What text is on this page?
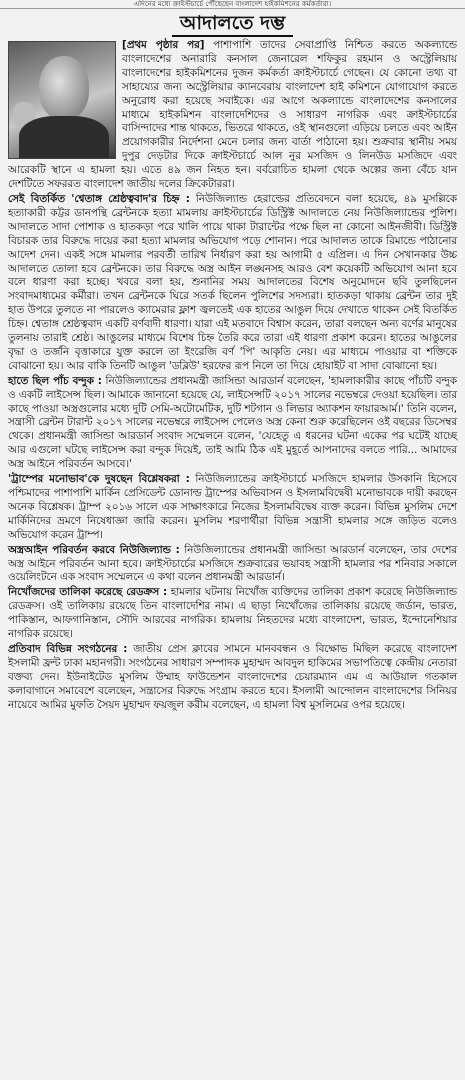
এদিনের মধ্যে ক্রাইস্টচার্চে পৌঁছেছেন বাংলাদেশ হাইকমিশনের কর্মকর্তারা।
আদালতে দম্ভ

[প্রথম পৃষ্ঠার পর] পাশাপাশি তাদের সেবাপ্রাপ্তি নিশ্চিত করতে অকল্যান্ডে বাংলাদেশের অনারারি কনসাল জেনারেল শফিকুর রহমান ও অস্ট্রেলিয়ায় বাংলাদেশের হাইকমিশনের দুজন কর্মকর্তা ক্রাইস্টচার্চে গেছেন। যে কোনো তথ্য বা সাহায্যের জন্য অস্ট্রেলিয়ার ক্যানবেরায় বাংলাদেশ হাই কমিশনে যোগাযোগ করতে অনুরোধ করা হয়েছে সবাইকে। এর আগে অকল্যান্ডে বাংলাদেশের কনসালের মাধ্যমে হাইকমিশন বাংলাদেশিদের ও সাধারণ নাগরিক এবং ক্রাইস্টচার্চের বাসিন্দাদের শান্ত থাকতে, ভিতরে থাকতে, ওই স্থানগুলো এড়িয়ে চলতে এবং আইন প্রয়োগকারীর নির্দেশনা মেনে চলার জন্য বার্তা পাঠানো হয়। শুক্রবার স্থানীয় সময় দুপুর দেড়টার দিকে ক্রাইস্টচার্চে আল নুর মসজিদ ও লিনউড মসজিদে এবং আরেকটি স্থানে এ হামলা হয়। এতে ৪৯ জন নিহত হন। বর্বরোচিত হামলা থেকে অল্পের জন্য বেঁচে যান দেশটিতে সফররত বাংলাদেশ জাতীয় দলের ক্রিকেটাররা।

সেই বিতর্কিত 'শ্বেতাঙ্গ শ্রেষ্ঠত্ববাদ'র চিহ্ন : নিউজিল্যান্ড হেরাল্ডের প্রতিবেদনে বলা হয়েছে, ৪৯ মুসল্লিকে হত্যাকারী কট্টর ডানপন্থি ব্রেন্টনকে হত্যা মামলায় ক্রাইস্টচার্চের ডিস্ট্রিক্ট আদালতে নেয় নিউজিল্যান্ডের পুলিশ। আদালতে সাদা পোশাক ও হাতকড়া পরে খালি পায়ে থাকা টারান্টের পক্ষে ছিল না কোনো আইনজীবী। ডিস্ট্রিক্ট বিচারক তার বিরুদ্ধে দায়ের করা হত্যা মামলার অভিযোগ পড়ে শোনান। পরে আদালত তাকে রিমান্ডে পাঠানোর আদেশ দেন। একই সঙ্গে মামলার পরবর্তী তারিখ নির্ধারণ করা হয় আগামী ৫ এপ্রিল। এ দিন সেখানকার উচ্চ আদালতে তোলা হবে ব্রেন্টনকে। তার বিরুদ্ধে অস্ত্র আইন লঙ্ঘনসহ আরও বেশ কয়েকটি অভিযোগ আনা হবে বলে ধারণা করা হচ্ছে। খবরে বলা হয়, শুনানির সময় আদালতের বিশেষ অনুমোদনে ছবি তুলছিলেন সংবাদমাধ্যমের কর্মীরা। তখন ব্রেন্টনকে ঘিরে সতর্ক ছিলেন পুলিশের সদস্যরা। হাতকড়া থাকায় ব্রেন্টন তার দুই হাত উপরে তুলতে না পারলেও ক্যামেরার ফ্লাশ জ্বলতেই এক হাতের আঙুল দিয়ে দেখাতে থাকেন সেই বিতর্কিত চিহ্ন। শ্বেতাঙ্গ শ্রেষ্ঠত্ববাদ একটি বর্ণবাদী ধারণা। যারা এই মতবাদে বিশ্বাস করেন, তারা বলছেন অন্য বর্ণের মানুষের তুলনায় তারাই শ্রেষ্ঠ। আঙুলের মাধ্যমে বিশেষ চিহ্ন তৈরি করে তারা এই ধারণা প্রকাশ করেন। হাতের আঙুলের বৃদ্ধা ও তর্জনি বৃত্তাকারে যুক্ত করলে তা ইংরেজি বর্ণ 'পি' আকৃতি নেয়। এর মাধ্যমে পাওয়ার বা শক্তিকে বোঝানো হয়। আর বাকি তিনটি আঙুল 'ডব্লিউ' হরফের রূপ নিলে তা দিয়ে হোয়াইট বা সাদা বোঝানো হয়।

হাতে ছিল পাঁচ বন্দুক : নিউজিল্যান্ডের প্রধানমন্ত্রী জাসিন্ডা আরডার্ন বলেছেন, 'হামলাকারীর কাছে পাঁচটি বন্দুক ও একটি লাইসেন্স ছিল। আমাকে জানানো হয়েছে যে, লাইসেন্সটি ২০১৭ সালের নভেম্বরে দেওয়া হয়েছিল। তার কাছে পাওয়া অস্ত্রগুলোর মধ্যে দুটি সেমি-অটোমেটিক, দুটি শটগান ও লিভার অ্যাকশন ফায়ারআর্ম।' তিনি বলেন, সন্ত্রাসী ব্রেন্টন টারান্ট ২০১৭ সালের নভেম্বরে লাইসেন্স পেলেও অস্ত্র কেনা শুরু করেছিলেন ওই বছরের ডিসেম্বর থেকে। প্রধানমন্ত্রী জাসিন্ডা আরডার্ন সংবাদ সম্মেলনে বলেন, 'যেহেতু এ ধরনের ঘটনা একের পর ঘটেই যাচ্ছে আর এগুলো ঘটছে লাইসেন্স করা বন্দুক দিয়েই, তাই আমি ঠিক এই মুহূর্তে আপনাদের বলতে পারি... আমাদের অস্ত্র আইনে পরিবর্তন আসবে।'

'ট্রাম্পের মনোভাব'কে দুষছেন বিশ্লেষকরা : নিউজিল্যান্ডের ক্রাইস্টচার্চে মসজিদে হামলার উসকানি হিসেবে পশ্চিমাদের পাশাপাশি মার্কিন প্রেসিডেন্ট ডোনাল্ড ট্রাম্পের অভিবাসন ও ইসলামবিদ্বেষী মনোভাবকে দায়ী করছেন অনেক বিশ্লেষক। ট্রাম্প ২০১৬ সালে এক সাক্ষাৎকারে নিজের ইসলামবিদ্বেষ ব্যক্ত করেন। বিভিন্ন মুসলিম দেশে মার্কিনিদের ভ্রমণে নিষেধাজ্ঞা জারি করেন। মুসলিম শরণার্থীরা বিভিন্ন সন্ত্রাসী হামলার সঙ্গে জড়িত বলেও অভিযোগ করেন ট্রাম্প।

অস্ত্রআইন পরিবর্তন করবে নিউজিল্যান্ড : নিউজিল্যান্ডের প্রধানমন্ত্রী জাসিন্ডা আরডার্ন বলেছেন, তার দেশের অস্ত্র আইনে পরিবর্তন আনা হবে। ক্রাইস্টচার্চের মসজিদে শুক্রবারের ভয়াবহ সন্ত্রাসী হামলার পর শনিবার সকালে ওয়েলিংটনে এক সংবাদ সম্মেলনে এ কথা বলেন প্রধানমন্ত্রী আরডার্ন।

নিখোঁজদের তালিকা করেছে রেডক্রস : হামলার ঘটনায় নিখোঁজ ব্যক্তিদের তালিকা প্রকাশ করেছে নিউজিল্যান্ড রেডক্রস। ওই তালিকায় রয়েছে তিন বাংলাদেশির নাম। এ ছাড়া নিখোঁজের তালিকায় রয়েছে জর্ডান, ভারত, পাকিস্তান, আফগানিস্তান, সৌদি আরবের নাগরিক। হামলায় নিহতদের মধ্যে বাংলাদেশ, ভারত, ইন্দোনেশিয়ার নাগরিক রয়েছে।

প্রতিবাদ বিভিন্ন সংগঠনের : জাতীয় প্রেস ক্লাবের সামনে মানববন্ধন ও বিক্ষোভ মিছিল করেছে বাংলাদেশ ইসলামী ফ্রন্ট ঢাকা মহানগরী। সংগঠনের সাধারণ সম্পাদক মুহাম্মদ আবদুল হাকিমের সভাপতিত্বে কেন্দ্রীয় নেতারা বক্তব্য দেন। ইউনাইটেড মুসলিম উম্মাহ ফাউন্ডেশন বাংলাদেশের চেয়ারম্যান এম এ আউয়াল গতকাল কলাবাগানে সমাবেশে বলেছেন, সন্ত্রাসের বিরুদ্ধে সংগ্রাম করতে হবে। ইসলামী আন্দোলন বাংলাদেশের সিনিয়র নায়েবে আমির মুফতি সৈয়দ মুহাম্মদ ফয়জুল করীম বলেছেন, এ হামলা বিশ্ব মুসলিমের ওপর হয়েছে।
